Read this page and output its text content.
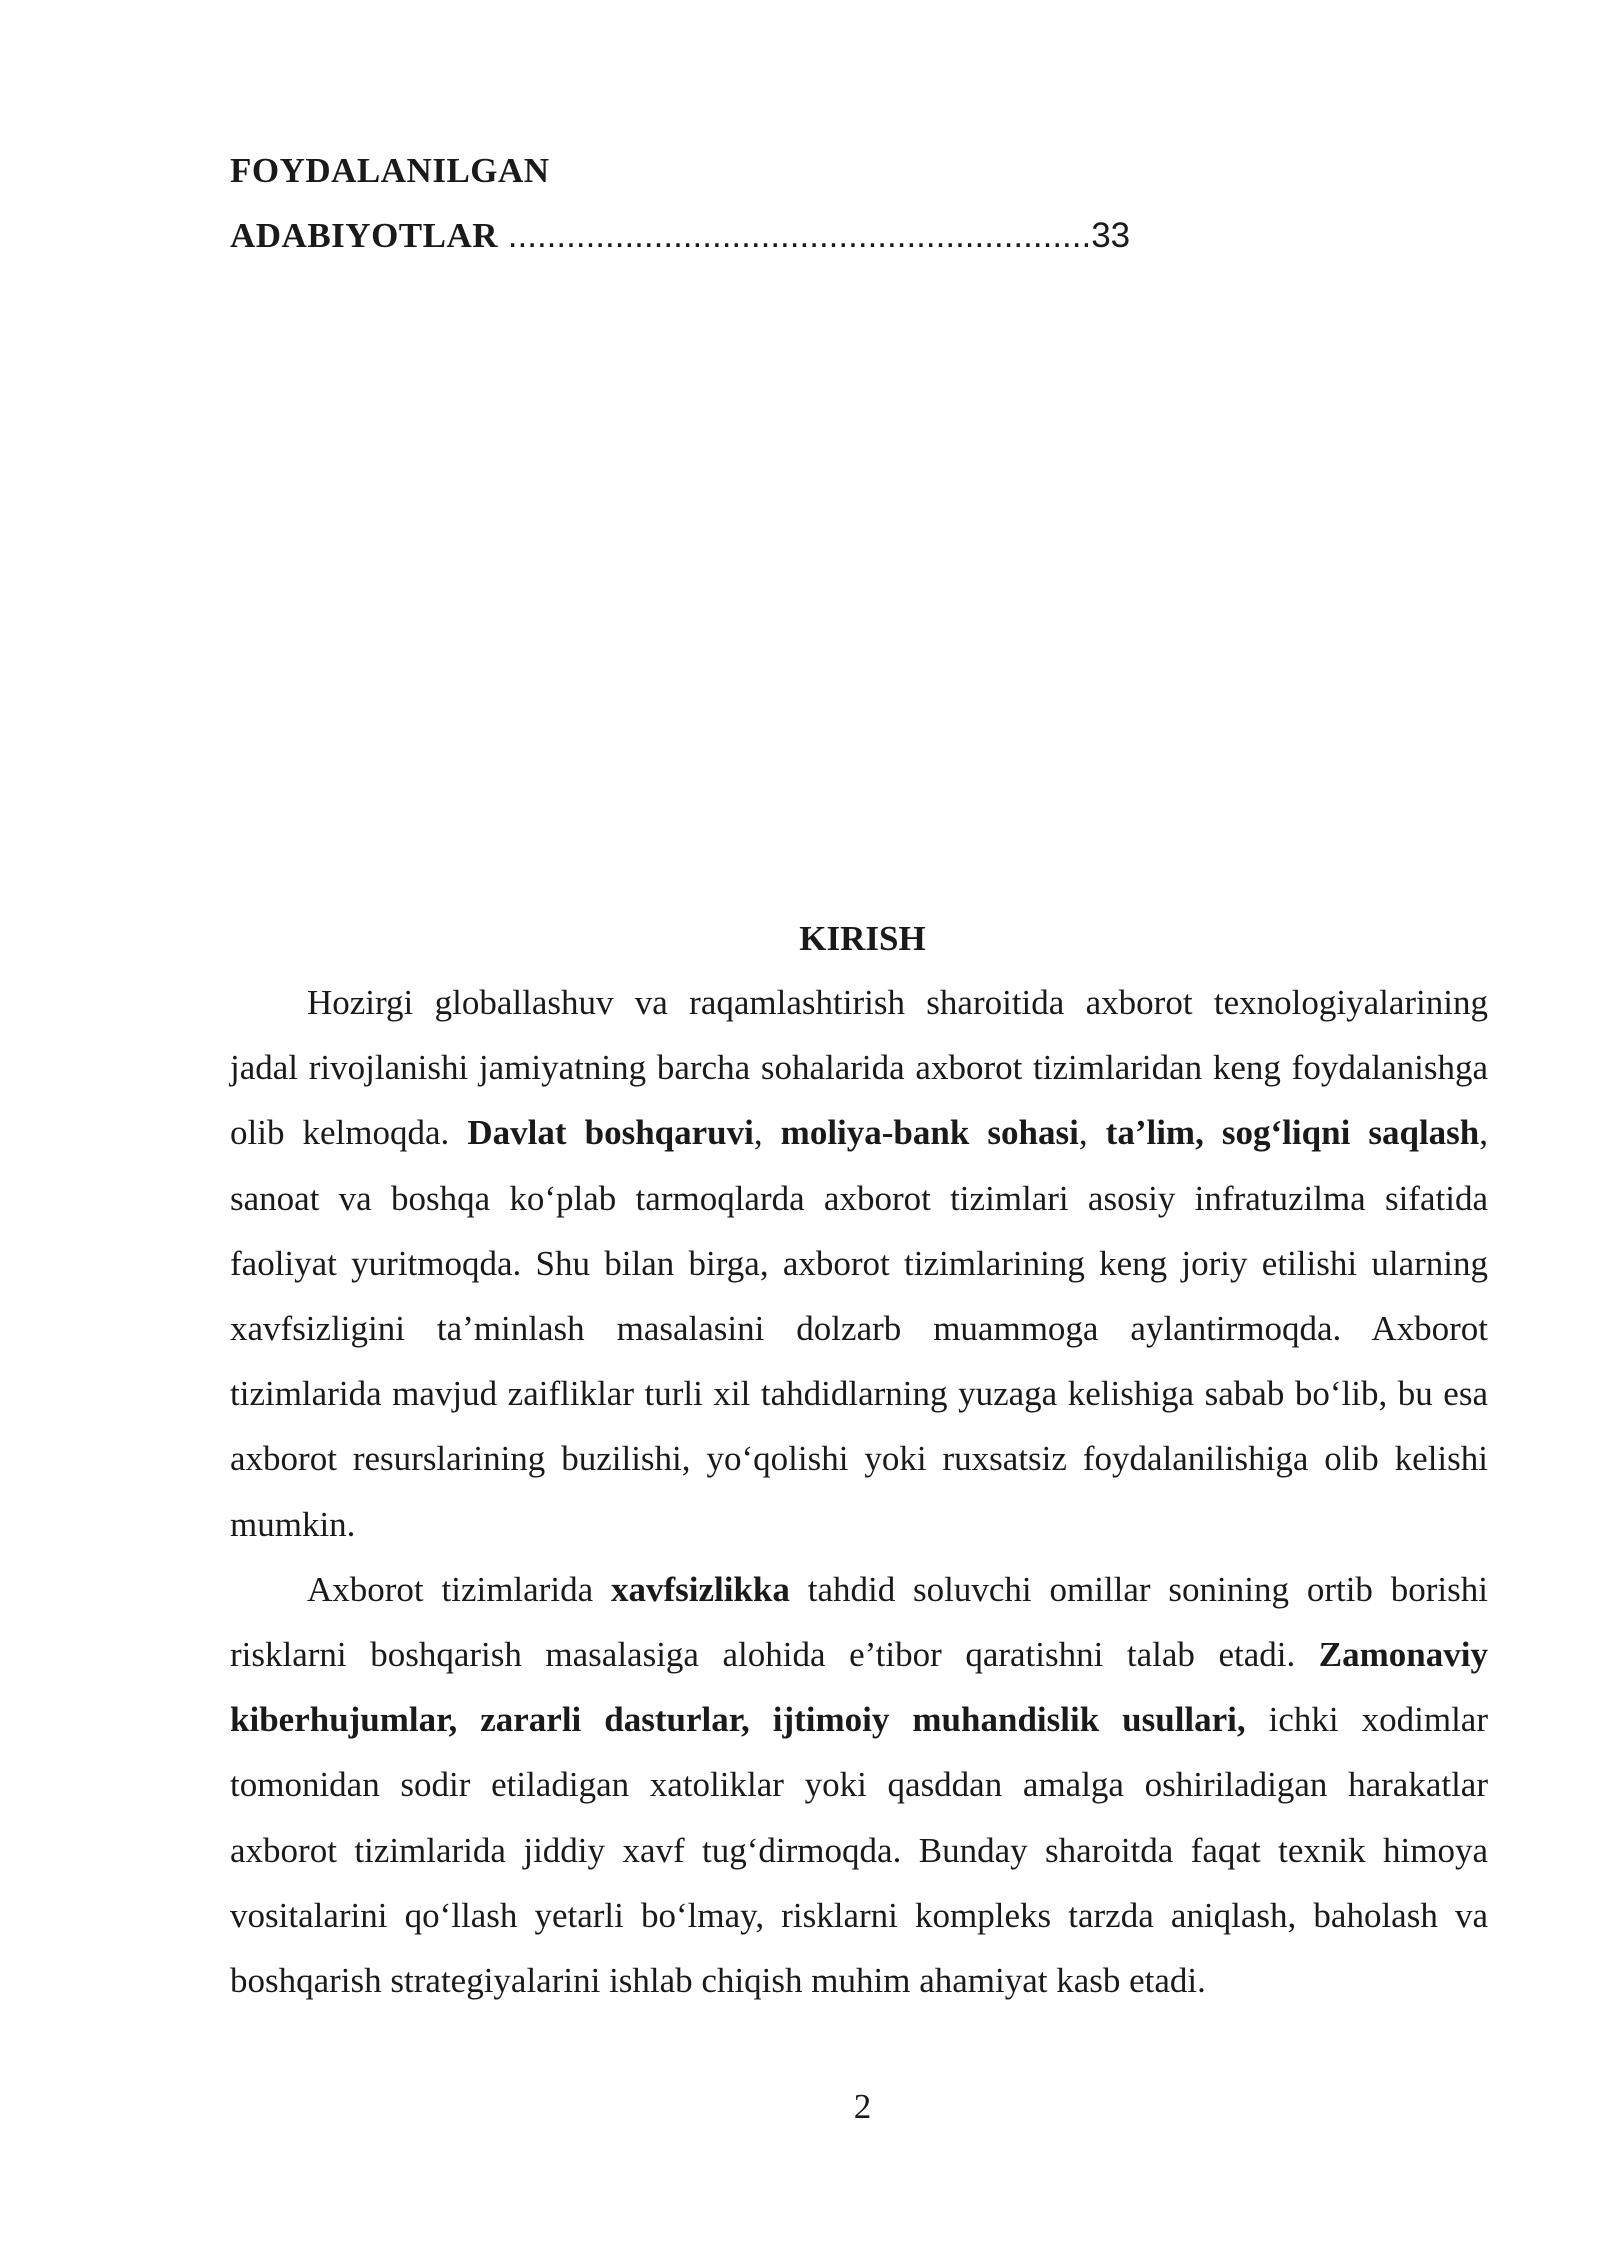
FOYDALANILGAN
ADABIYOTLAR ............................................................33
KIRISH

Hozirgi globallashuv va raqamlashtirish sharoitida axborot texnologiyalarining jadal rivojlanishi jamiyatning barcha sohalarida axborot tizimlaridan keng foydalanishga olib kelmoqda. Davlat boshqaruvi, moliya-bank sohasi, ta’lim, sog‘liqni saqlash, sanoat va boshqa ko‘plab tarmoqlarda axborot tizimlari asosiy infratuzilma sifatida faoliyat yuritmoqda. Shu bilan birga, axborot tizimlarining keng joriy etilishi ularning xavfsizligini ta’minlash masalasini dolzarb muammoga aylantirmoqda. Axborot tizimlarida mavjud zaifliklar turli xil tahdidlarning yuzaga kelishiga sabab bo‘lib, bu esa axborot resurslarining buzilishi, yo‘qolishi yoki ruxsatsiz foydalanilishiga olib kelishi mumkin.

Axborot tizimlarida xavfsizlikka tahdid soluvchi omillar sonining ortib borishi risklarni boshqarish masalasiga alohida e’tibor qaratishni talab etadi. Zamonaviy kiberhujumlar, zararli dasturlar, ijtimoiy muhandislik usullari, ichki xodimlar tomonidan sodir etiladigan xatoliklar yoki qasddan amalga oshiriladigan harakatlar axborot tizimlarida jiddiy xavf tug‘dirmoqda. Bunday sharoitda faqat texnik himoya vositalarini qo‘llash yetarli bo‘lmay, risklarni kompleks tarzda aniqlash, baholash va boshqarish strategiyalarini ishlab chiqish muhim ahamiyat kasb etadi.

2
